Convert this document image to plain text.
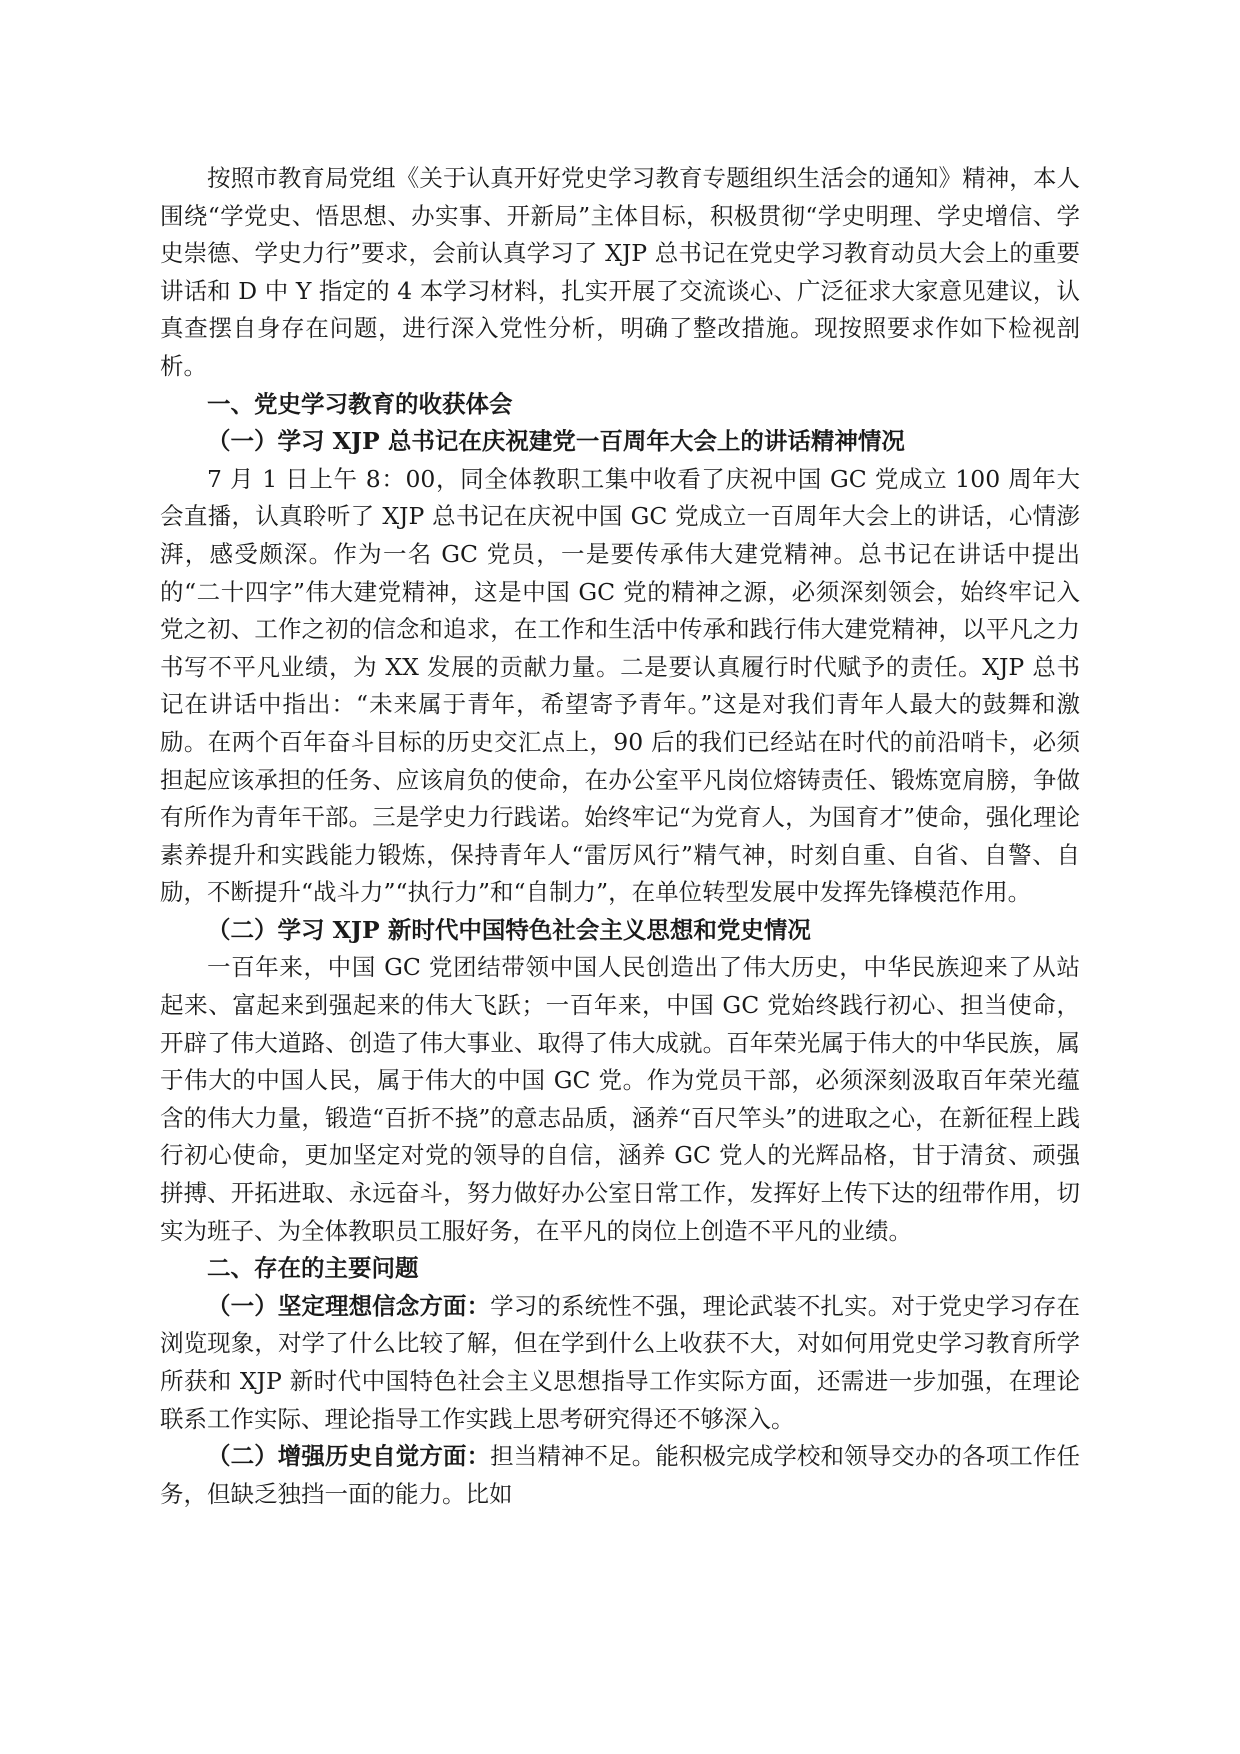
按照市教育局党组《关于认真开好党史学习教育专题组织生活会的通知》精神，本人围绕“学党史、悟思想、办实事、开新局”主体目标，积极贯彻“学史明理、学史增信、学史崇德、学史力行”要求，会前认真学习了 XJP 总书记在党史学习教育动员大会上的重要讲话和 D 中 Y 指定的 4 本学习材料，扎实开展了交流谈心、广泛征求大家意见建议，认真查摆自身存在问题，进行深入党性分析，明确了整改措施。现按照要求作如下检视剖析。

一、党史学习教育的收获体会

（一）学习 XJP 总书记在庆祝建党一百周年大会上的讲话精神情况

7 月 1 日上午 8：00，同全体教职工集中收看了庆祝中国 GC 党成立 100 周年大会直播，认真聆听了 XJP 总书记在庆祝中国 GC 党成立一百周年大会上的讲话，心情澎湃，感受颇深。作为一名 GC 党员，一是要传承伟大建党精神。总书记在讲话中提出的“二十四字”伟大建党精神，这是中国 GC 党的精神之源，必须深刻领会，始终牢记入党之初、工作之初的信念和追求，在工作和生活中传承和践行伟大建党精神，以平凡之力书写不平凡业绩，为 XX 发展的贡献力量。二是要认真履行时代赋予的责任。XJP 总书记在讲话中指出：“未来属于青年，希望寄予青年。”这是对我们青年人最大的鼓舞和激励。在两个百年奋斗目标的历史交汇点上，90 后的我们已经站在时代的前沿哨卡，必须担起应该承担的任务、应该肩负的使命，在办公室平凡岗位熔铸责任、锻炼宽肩膀，争做有所作为青年干部。三是学史力行践诺。始终牢记“为党育人，为国育才”使命，强化理论素养提升和实践能力锻炼，保持青年人“雷厉风行”精气神，时刻自重、自省、自警、自励，不断提升“战斗力”“执行力”和“自制力”，在单位转型发展中发挥先锋模范作用。

（二）学习 XJP 新时代中国特色社会主义思想和党史情况

一百年来，中国 GC 党团结带领中国人民创造出了伟大历史，中华民族迎来了从站起来、富起来到强起来的伟大飞跃；一百年来，中国 GC 党始终践行初心、担当使命，开辟了伟大道路、创造了伟大事业、取得了伟大成就。百年荣光属于伟大的中华民族，属于伟大的中国人民，属于伟大的中国 GC 党。作为党员干部，必须深刻汲取百年荣光蕴含的伟大力量，锻造“百折不挠”的意志品质，涵养“百尺竿头”的进取之心，在新征程上践行初心使命，更加坚定对党的领导的自信，涵养 GC 党人的光辉品格，甘于清贫、顽强拼搏、开拓进取、永远奋斗，努力做好办公室日常工作，发挥好上传下达的纽带作用，切实为班子、为全体教职员工服好务，在平凡的岗位上创造不平凡的业绩。

二、存在的主要问题

（一）坚定理想信念方面：学习的系统性不强，理论武装不扎实。对于党史学习存在浏览现象，对学了什么比较了解，但在学到什么上收获不大，对如何用党史学习教育所学所获和 XJP 新时代中国特色社会主义思想指导工作实际方面，还需进一步加强，在理论联系工作实际、理论指导工作实践上思考研究得还不够深入。

（二）增强历史自觉方面：担当精神不足。能积极完成学校和领导交办的各项工作任务，但缺乏独挡一面的能力。比如
